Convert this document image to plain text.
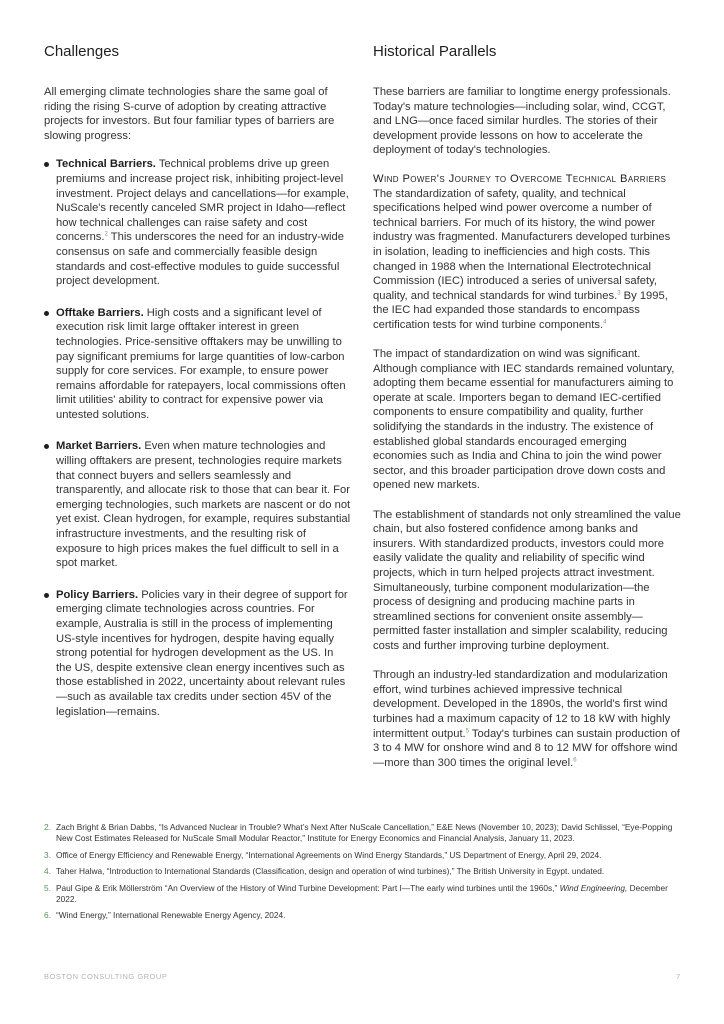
Challenges

All emerging climate technologies share the same goal of riding the rising S-curve of adoption by creating attractive projects for investors. But four familiar types of barriers are slowing progress:

Technical Barriers. Technical problems drive up green premiums and increase project risk, inhibiting project-level investment. Project delays and cancellations—for example, NuScale's recently canceled SMR project in Idaho—reflect how technical challenges can raise safety and cost concerns.$^2$ This underscores the need for an industry-wide consensus on safe and commercially feasible design standards and cost-effective modules to guide successful project development.
Offtake Barriers. High costs and a significant level of execution risk limit large offtaker interest in green technologies. Price-sensitive offtakers may be unwilling to pay significant premiums for large quantities of low-carbon supply for core services. For example, to ensure power remains affordable for ratepayers, local commissions often limit utilities' ability to contract for expensive power via untested solutions.
Market Barriers. Even when mature technologies and willing offtakers are present, technologies require markets that connect buyers and sellers seamlessly and transparently, and allocate risk to those that can bear it. For emerging technologies, such markets are nascent or do not yet exist. Clean hydrogen, for example, requires substantial infrastructure investments, and the resulting risk of exposure to high prices makes the fuel difficult to sell in a spot market.
Policy Barriers. Policies vary in their degree of support for emerging climate technologies across countries. For example, Australia is still in the process of implementing US-style incentives for hydrogen, despite having equally strong potential for hydrogen development as the US. In the US, despite extensive clean energy incentives such as those established in 2022, uncertainty about relevant rules—such as available tax credits under section 45V of the legislation—remains.
Historical Parallels

These barriers are familiar to longtime energy professionals. Today's mature technologies—including solar, wind, CCGT, and LNG—once faced similar hurdles. The stories of their development provide lessons on how to accelerate the deployment of today's technologies.

Wind Power's Journey to Overcome Technical Barriers

The standardization of safety, quality, and technical specifications helped wind power overcome a number of technical barriers. For much of its history, the wind power industry was fragmented. Manufacturers developed turbines in isolation, leading to inefficiencies and high costs. This changed in 1988 when the International Electrotechnical Commission (IEC) introduced a series of universal safety, quality, and technical standards for wind turbines.$^3$ By 1995, the IEC had expanded those standards to encompass certification tests for wind turbine components.$^4$

The impact of standardization on wind was significant. Although compliance with IEC standards remained voluntary, adopting them became essential for manufacturers aiming to operate at scale. Importers began to demand IEC-certified components to ensure compatibility and quality, further solidifying the standards in the industry. The existence of established global standards encouraged emerging economies such as India and China to join the wind power sector, and this broader participation drove down costs and opened new markets.

The establishment of standards not only streamlined the value chain, but also fostered confidence among banks and insurers. With standardized products, investors could more easily validate the quality and reliability of specific wind projects, which in turn helped projects attract investment. Simultaneously, turbine component modularization—the process of designing and producing machine parts in streamlined sections for convenient onsite assembly—permitted faster installation and simpler scalability, reducing costs and further improving turbine deployment.

Through an industry-led standardization and modularization effort, wind turbines achieved impressive technical development. Developed in the 1890s, the world's first wind turbines had a maximum capacity of 12 to 18 kW with highly intermittent output.$^5$ Today's turbines can sustain production of 3 to 4 MW for onshore wind and 8 to 12 MW for offshore wind—more than 300 times the original level.$^6$

2. Zach Bright & Brian Dabbs, “Is Advanced Nuclear in Trouble? What’s Next After NuScale Cancellation,” E&E News (November 10, 2023); David Schlissel, “Eye-Popping New Cost Estimates Released for NuScale Small Modular Reactor,” Institute for Energy Economics and Financial Analysis, January 11, 2023.
3. Office of Energy Efficiency and Renewable Energy, “International Agreements on Wind Energy Standards,” US Department of Energy, April 29, 2024.
4. Taher Halwa, “Introduction to International Standards (Classification, design and operation of wind turbines),” The British University in Egypt. undated.
5. Paul Gipe & Erik Möllerström “An Overview of the History of Wind Turbine Development: Part I—The early wind turbines until the 1960s,” Wind Engineering, December 2022.
6. “Wind Energy,” International Renewable Energy Agency, 2024.
BOSTON CONSULTING GROUP	7
